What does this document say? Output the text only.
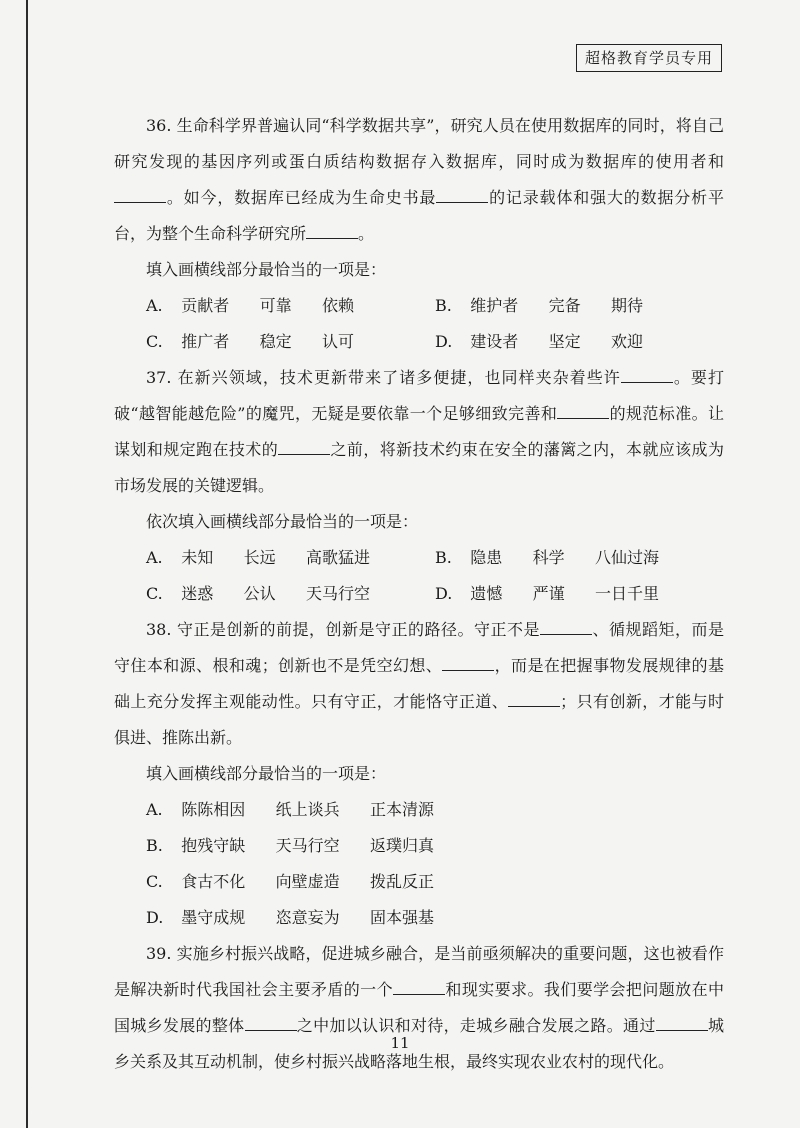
超格教育学员专用

36. 生命科学界普遍认同“科学数据共享”，研究人员在使用数据库的同时，将自己研究发现的基因序列或蛋白质结构数据存入数据库，同时成为数据库的使用者和。如今，数据库已经成为生命史书最	的记录载体和强大的数据分析平台，为整个生命科学研究所	。

填入画横线部分最恰当的一项是：

A.	贡献者 可靠 依赖	B.	维护者 完备 期待
C.	推广者 稳定 认可	D.	建设者 坚定 欢迎

37. 在新兴领域，技术更新带来了诸多便捷，也同样夹杂着些许	。要打破“越智能越危险”的魔咒，无疑是要依靠一个足够细致完善和	的规范标准。让谋划和规定跑在技术的	之前，将新技术约束在安全的藩篱之内，本就应该成为市场发展的关键逻辑。

依次填入画横线部分最恰当的一项是：

A.	未知 长远 高歌猛进	B.	隐患 科学 八仙过海
C.	迷惑 公认 天马行空	D.	遗憾 严谨 一日千里

38. 守正是创新的前提，创新是守正的路径。守正不是	、循规蹈矩，而是守住本和源、根和魂；创新也不是凭空幻想、	，而是在把握事物发展规律的基础上充分发挥主观能动性。只有守正，才能恪守正道、	；只有创新，才能与时俱进、推陈出新。

填入画横线部分最恰当的一项是：

A.	陈陈相因 纸上谈兵 正本清源
B.	抱残守缺 天马行空 返璞归真
C.	食古不化 向壁虚造 拨乱反正
D.	墨守成规 恣意妄为 固本强基

39. 实施乡村振兴战略，促进城乡融合，是当前亟须解决的重要问题，这也被看作是解决新时代我国社会主要矛盾的一个	和现实要求。我们要学会把问题放在中国城乡发展的整体	之中加以认识和对待，走城乡融合发展之路。通过	城乡关系及其互动机制，使乡村振兴战略落地生根，最终实现农业农村的现代化。

11
